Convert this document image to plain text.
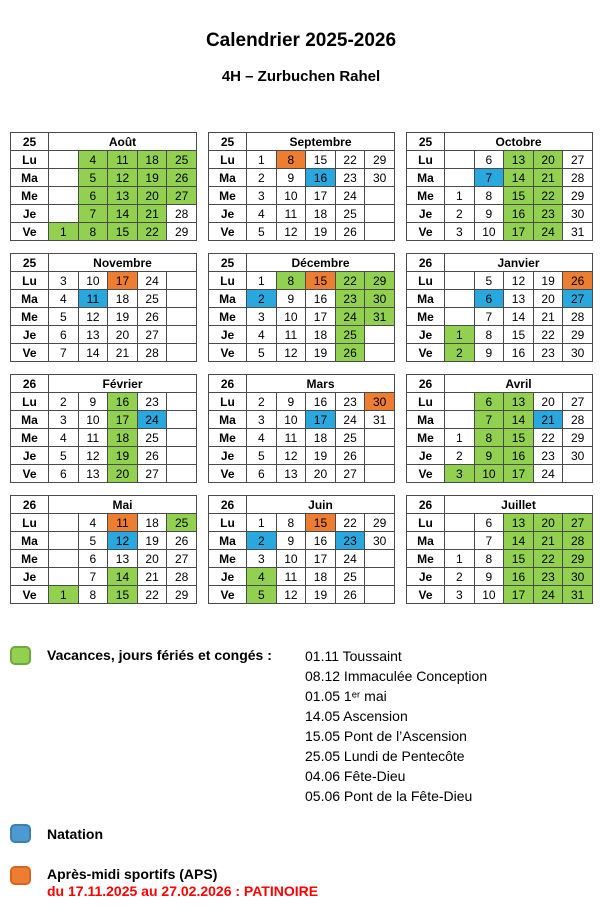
Calendrier 2025-2026
4H – Zurbuchen Rahel
25	Août				
Lu		4	11	18	25
Ma		5	12	19	26
Me		6	13	20	27
Je		7	14	21	28
Ve	1	8	15	22	29
25	Septembre				
Lu	1	8	15	22	29
Ma	2	9	16	23	30
Me	3	10	17	24	
Je	4	11	18	25	
Ve	5	12	19	26	
25	Octobre				
Lu		6	13	20	27
Ma		7	14	21	28
Me	1	8	15	22	29
Je	2	9	16	23	30
Ve	3	10	17	24	31
25	Novembre				
Lu	3	10	17	24	
Ma	4	11	18	25	
Me	5	12	19	26	
Je	6	13	20	27	
Ve	7	14	21	28	
25	Décembre				
Lu	1	8	15	22	29
Ma	2	9	16	23	30
Me	3	10	17	24	31
Je	4	11	18	25	
Ve	5	12	19	26	
26	Janvier				
Lu		5	12	19	26
Ma		6	13	20	27
Me		7	14	21	28
Je	1	8	15	22	29
Ve	2	9	16	23	30
26	Février				
Lu	2	9	16	23	
Ma	3	10	17	24	
Me	4	11	18	25	
Je	5	12	19	26	
Ve	6	13	20	27	
26	Mars				
Lu	2	9	16	23	30
Ma	3	10	17	24	31
Me	4	11	18	25	
Je	5	12	19	26	
Ve	6	13	20	27	
26	Avril				
Lu		6	13	20	27
Ma		7	14	21	28
Me	1	8	15	22	29
Je	2	9	16	23	30
Ve	3	10	17	24	
26	Mai				
Lu		4	11	18	25
Ma		5	12	19	26
Me		6	13	20	27
Je		7	14	21	28
Ve	1	8	15	22	29
26	Juin				
Lu	1	8	15	22	29
Ma	2	9	16	23	30
Me	3	10	17	24	
Je	4	11	18	25	
Ve	5	12	19	26	
26	Juillet				
Lu		6	13	20	27
Ma		7	14	21	28
Me	1	8	15	22	29
Je	2	9	16	23	30
Ve	3	10	17	24	31
Vacances, jours fériés et congés :	01.11 Toussaint
08.12 Immaculée Conception
01.05 1ᵉʳ mai
14.05 Ascension
15.05 Pont de l’Ascension
25.05 Lundi de Pentecôte
04.06 Fête-Dieu
05.06 Pont de la Fête-Dieu
Natation
Après-midi sportifs (APS)
du 17.11.2025 au 27.02.2026 : PATINOIRE
